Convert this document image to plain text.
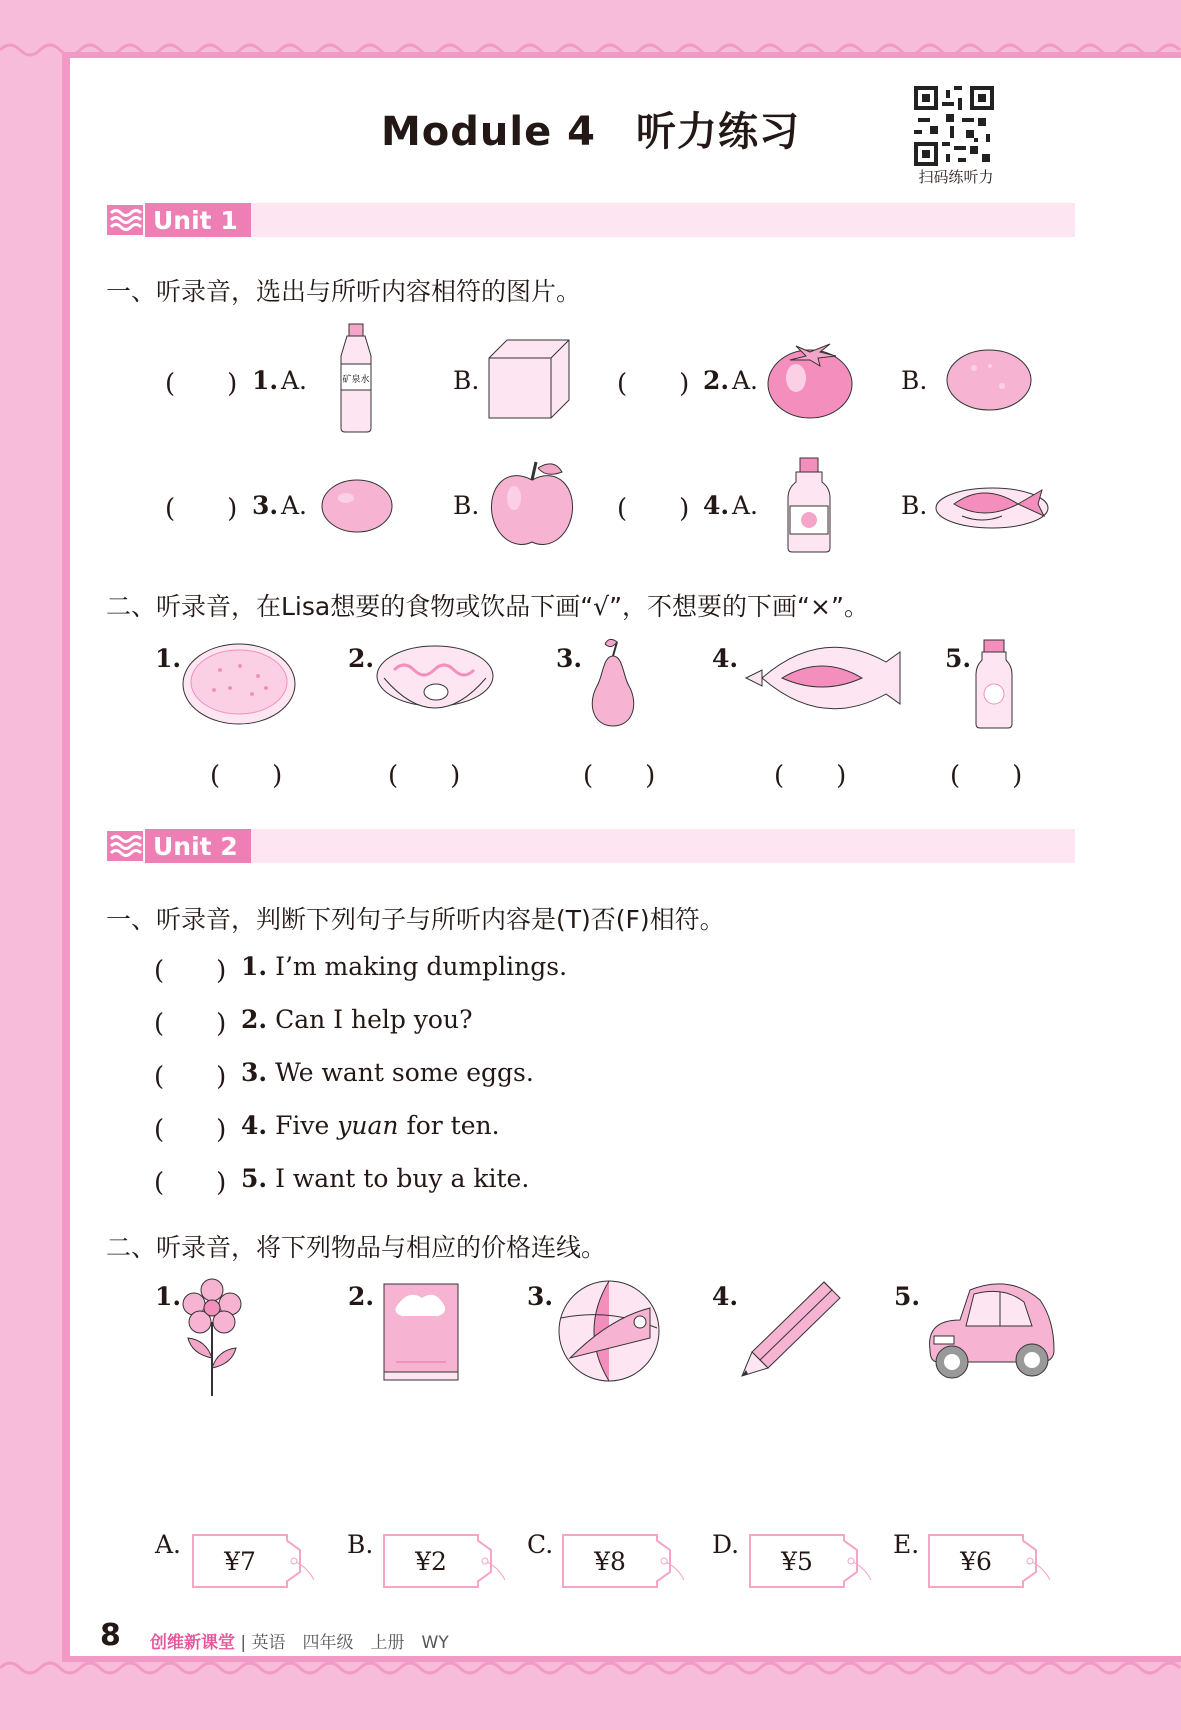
Module 4 听力练习
扫码练听力
Unit 1
一、听录音，选出与所听内容相符的图片。
(　　) 1. A.	矿泉水	B.	(　　) 2. A.	B.
(　　) 3. A.	B.	(　　) 4. A.	B.
二、听录音，在Lisa想要的食物或饮品下画“√”，不想要的下画“×”。
1.	2.	3.	4.	5.
(　　)	(　　)	(　　)	(　　)	(　　)
Unit 2
一、听录音，判断下列句子与所听内容是(T)否(F)相符。
(　　) 1. I’m making dumplings.
(　　) 2. Can I help you?
(　　) 3. We want some eggs.
(　　) 4. Five yuan for ten.
(　　) 5. I want to buy a kite.
二、听录音，将下列物品与相应的价格连线。
1.	2.	3.	4.	5.
A.
¥7
B.
¥2
C.
¥8
D.
¥5
E.
¥6
8 创维新课堂 | 英语　四年级　上册　WY
